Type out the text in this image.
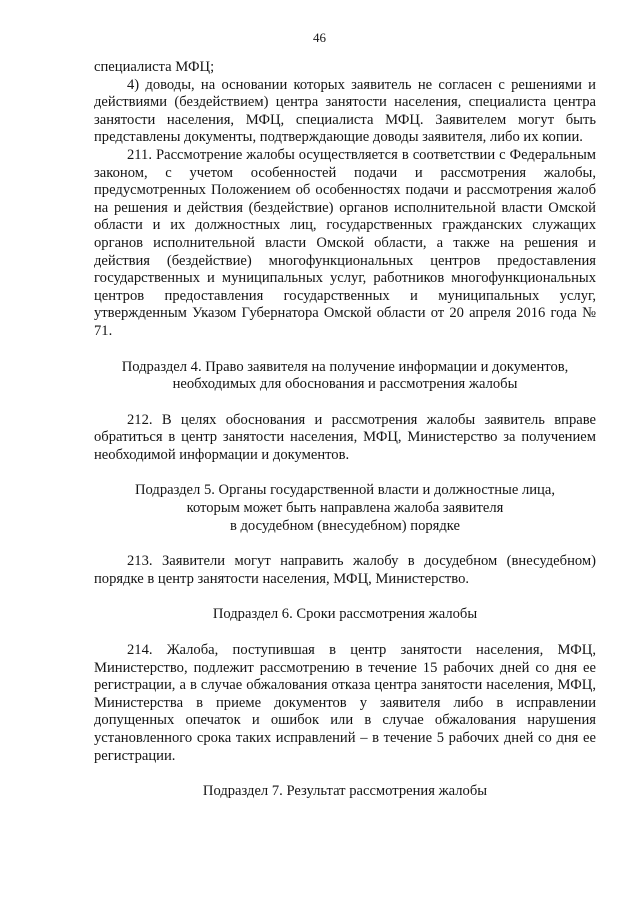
46

специалиста МФЦ;

4) доводы, на основании которых заявитель не согласен с решениями и действиями (бездействием) центра занятости населения, специалиста центра занятости населения, МФЦ, специалиста МФЦ. Заявителем могут быть представлены документы, подтверждающие доводы заявителя, либо их копии.

211. Рассмотрение жалобы осуществляется в соответствии с Федеральным законом, с учетом особенностей подачи и рассмотрения жалобы, предусмотренных Положением об особенностях подачи и рассмотрения жалоб на решения и действия (бездействие) органов исполнительной власти Омской области и их должностных лиц, государственных гражданских служащих органов исполнительной власти Омской области, а также на решения и действия (бездействие) многофункциональных центров предоставления государственных и муниципальных услуг, работников многофункциональных центров предоставления государственных и муниципальных услуг, утвержденным Указом Губернатора Омской области от 20 апреля 2016 года № 71.

Подраздел 4. Право заявителя на получение информации и документов,

необходимых для обоснования и рассмотрения жалобы

212. В целях обоснования и рассмотрения жалобы заявитель вправе обратиться в центр занятости населения, МФЦ, Министерство за получением необходимой информации и документов.

Подраздел 5. Органы государственной власти и должностные лица,

которым может быть направлена жалоба заявителя

в досудебном (внесудебном) порядке

213. Заявители могут направить жалобу в досудебном (внесудебном) порядке в центр занятости населения, МФЦ, Министерство.

Подраздел 6. Сроки рассмотрения жалобы

214. Жалоба, поступившая в центр занятости населения, МФЦ, Министерство, подлежит рассмотрению в течение 15 рабочих дней со дня ее регистрации, а в случае обжалования отказа центра занятости населения, МФЦ, Министерства в приеме документов у заявителя либо в исправлении допущенных опечаток и ошибок или в случае обжалования нарушения установленного срока таких исправлений – в течение 5 рабочих дней со дня ее регистрации.

Подраздел 7. Результат рассмотрения жалобы
